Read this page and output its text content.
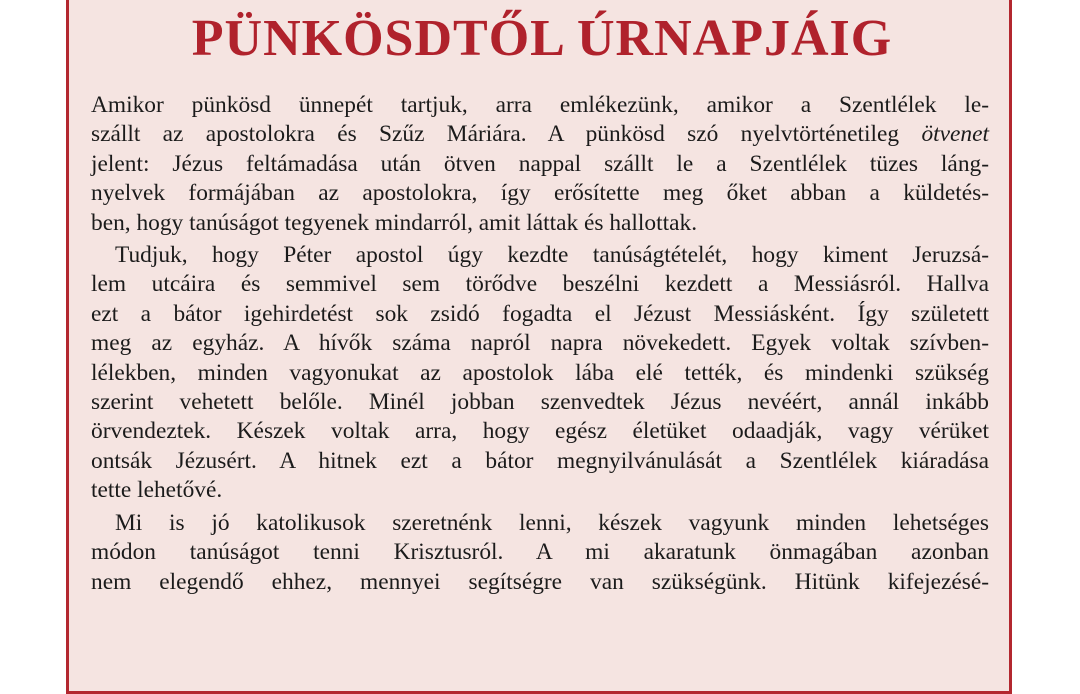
PÜNKÖSDTŐL ÚRNAPJÁIG
Amikor pünkösd ünnepét tartjuk, arra emlékezünk, amikor a Szentlélek le-
szállt az apostolokra és Szűz Máriára. A pünkösd szó nyelvtörténetileg ötvenet
jelent: Jézus feltámadása után ötven nappal szállt le a Szentlélek tüzes láng-
nyelvek formájában az apostolokra, így erősítette meg őket abban a küldetés-
ben, hogy tanúságot tegyenek mindarról, amit láttak és hallottak.
Tudjuk, hogy Péter apostol úgy kezdte tanúságtételét, hogy kiment Jeruzsá-
lem utcáira és semmivel sem törődve beszélni kezdett a Messiásról. Hallva
ezt a bátor igehirdetést sok zsidó fogadta el Jézust Messiásként. Így született
meg az egyház. A hívők száma napról napra növekedett. Egyek voltak szívben-
lélekben, minden vagyonukat az apostolok lába elé tették, és mindenki szükség
szerint vehetett belőle. Minél jobban szenvedtek Jézus nevéért, annál inkább
örvendeztek. Készek voltak arra, hogy egész életüket odaadják, vagy vérüket
ontsák Jézusért. A hitnek ezt a bátor megnyilvánulását a Szentlélek kiáradása
tette lehetővé.
Mi is jó katolikusok szeretnénk lenni, készek vagyunk minden lehetséges
módon tanúságot tenni Krisztusról. A mi akaratunk önmagában azonban
nem elegendő ehhez, mennyei segítségre van szükségünk. Hitünk kifejezésé-
